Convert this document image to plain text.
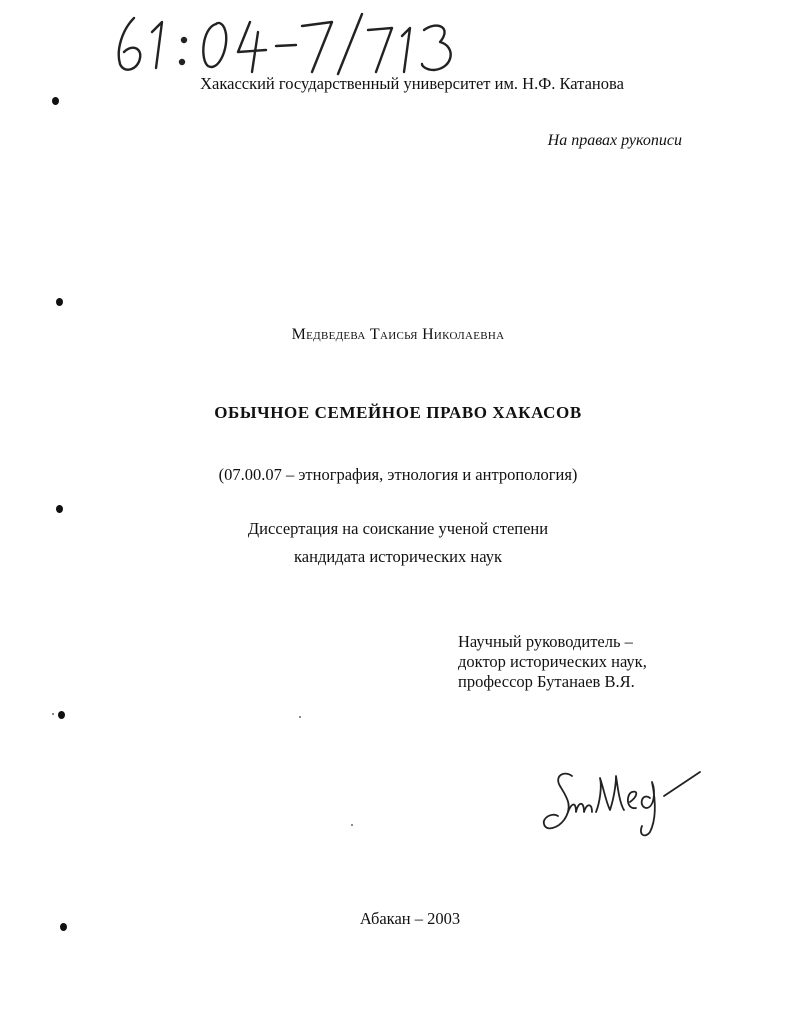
Хакасский государственный университет им. Н.Ф. Катанова
На правах рукописи
Медведева Таисья Николаевна
ОБЫЧНОЕ СЕМЕЙНОЕ ПРАВО ХАКАСОВ
(07.00.07 – этнография, этнология и антропология)
Диссертация на соискание ученой степени
кандидата исторических наук
Научный руководитель –
доктор исторических наук,
профессор Бутанаев В.Я.
Абакан – 2003
